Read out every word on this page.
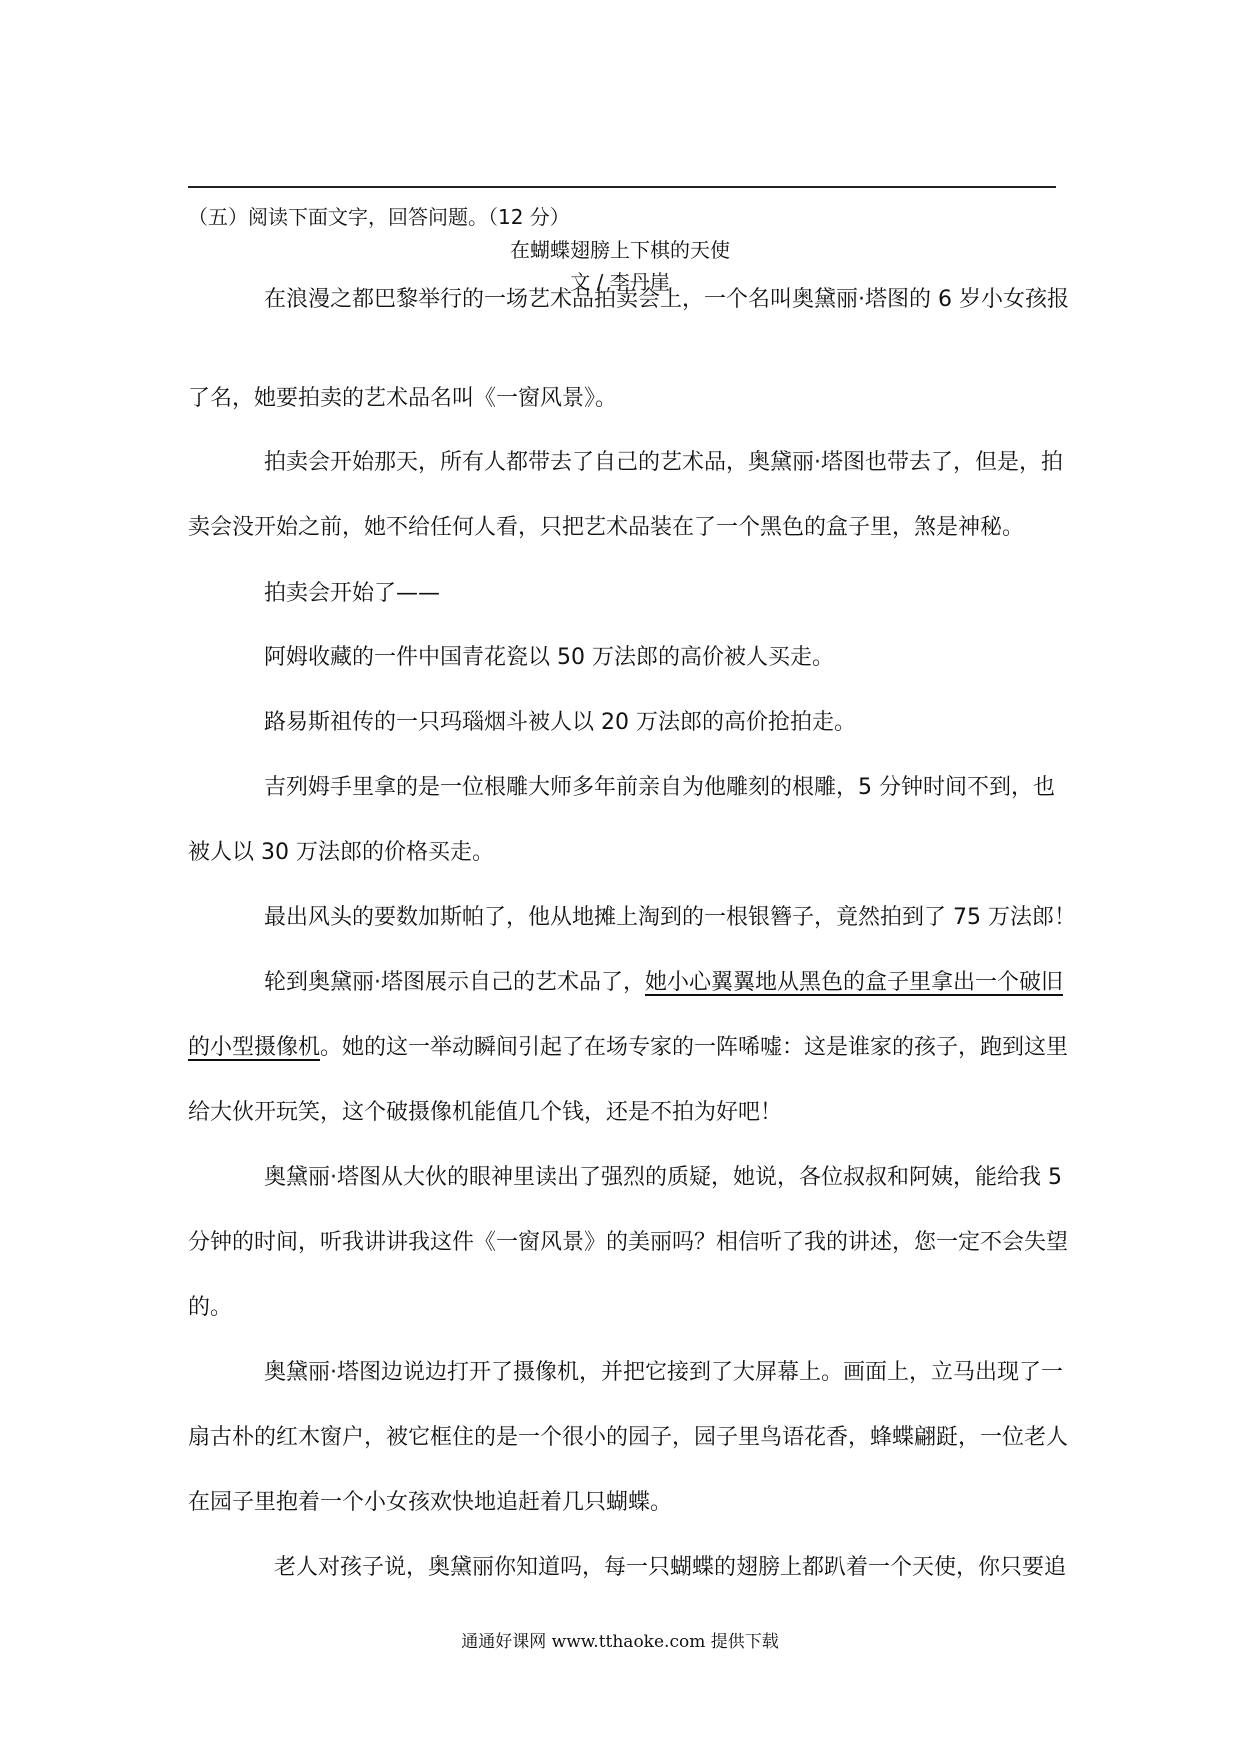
（五）阅读下面文字，回答问题。（12 分）
在蝴蝶翅膀上下棋的天使
文 / 李丹崖
在浪漫之都巴黎举行的一场艺术品拍卖会上，一个名叫奥黛丽·塔图的 6 岁小女孩报
了名，她要拍卖的艺术品名叫《一窗风景》。
拍卖会开始那天，所有人都带去了自己的艺术品，奥黛丽·塔图也带去了，但是，拍
卖会没开始之前，她不给任何人看，只把艺术品装在了一个黑色的盒子里，煞是神秘。
拍卖会开始了——
阿姆收藏的一件中国青花瓷以 50 万法郎的高价被人买走。
路易斯祖传的一只玛瑙烟斗被人以 20 万法郎的高价抢拍走。
吉列姆手里拿的是一位根雕大师多年前亲自为他雕刻的根雕，5 分钟时间不到，也
被人以 30 万法郎的价格买走。
最出风头的要数加斯帕了，他从地摊上淘到的一根银簪子，竟然拍到了 75 万法郎！
轮到奥黛丽·塔图展示自己的艺术品了，她小心翼翼地从黑色的盒子里拿出一个破旧
的小型摄像机。她的这一举动瞬间引起了在场专家的一阵唏嘘：这是谁家的孩子，跑到这里
给大伙开玩笑，这个破摄像机能值几个钱，还是不拍为好吧！
奥黛丽·塔图从大伙的眼神里读出了强烈的质疑，她说，各位叔叔和阿姨，能给我 5
分钟的时间，听我讲讲我这件《一窗风景》的美丽吗？相信听了我的讲述，您一定不会失望
的。
奥黛丽·塔图边说边打开了摄像机，并把它接到了大屏幕上。画面上，立马出现了一
扇古朴的红木窗户，被它框住的是一个很小的园子，园子里鸟语花香，蜂蝶翩跹，一位老人
在园子里抱着一个小女孩欢快地追赶着几只蝴蝶。
老人对孩子说，奥黛丽你知道吗，每一只蝴蝶的翅膀上都趴着一个天使，你只要追
通通好课网 www.tthaoke.com 提供下载
